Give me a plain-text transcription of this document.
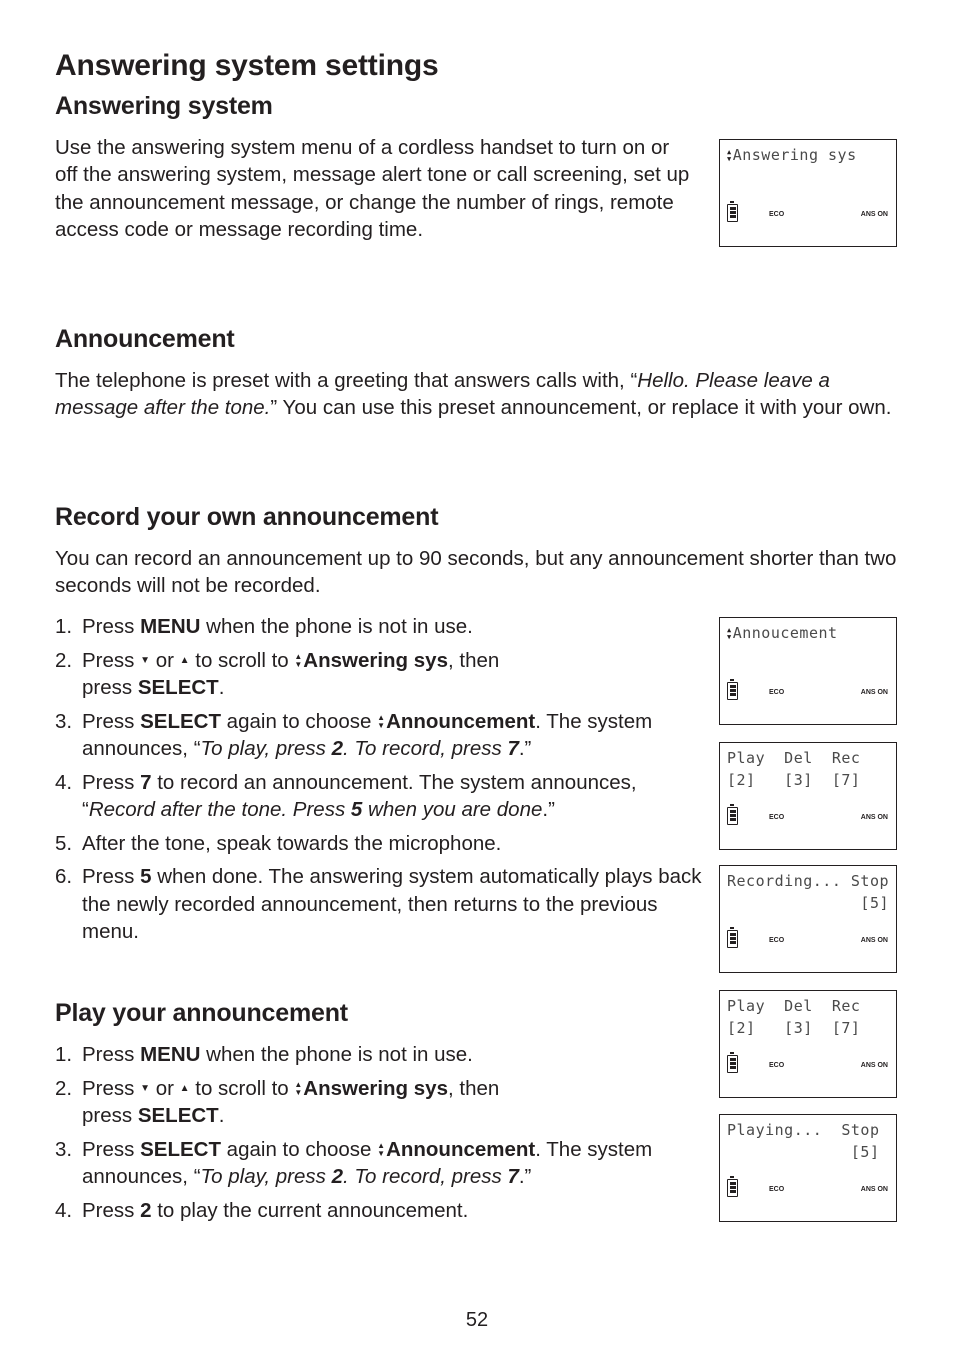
Answering system settings
Answering system

Use the answering system menu of a cordless handset to turn on or off the answering system, message alert tone or call screening, set up the announcement message, or change the number of rings, remote access code or message recording time.

Announcement

The telephone is preset with a greeting that answers calls with, “Hello. Please leave a message after the tone.” You can use this preset announcement, or replace it with your own.

Record your own announcement

You can record an announcement up to 90 seconds, but any announcement shorter than two seconds will not be recorded.

1. Press MENU when the phone is not in use.
2. Press ▼ or ▲ to scroll to ▲
▼ Answering sys, then press SELECT.
3. Press SELECT again to choose ▲
▼ Announcement. The system announces, “To play, press 2. To record, press 7.”
4. Press 7 to record an announcement. The system announces, “Record after the tone. Press 5 when you are done.”
5. After the tone, speak towards the microphone.
6. Press 5 when done. The answering system automatically plays back the newly recorded announcement, then returns to the previous menu.
Play your announcement
1. Press MENU when the phone is not in use.
2. Press ▼ or ▲ to scroll to ▲
▼ Answering sys, then press SELECT.
3. Press SELECT again to choose ▲
▼ Announcement. The system announces, “To play, press 2. To record, press 7.”
4. Press 2 to play the current announcement.
▲
▼ Answering sys
ECO	ANS ON
▲
▼ Annoucement
ECO	ANS ON
Play  Del  Rec
[2]   [3]  [7]
ECO	ANS ON
Recording... Stop
[5]
ECO	ANS ON
Play  Del  Rec
[2]   [3]  [7]
ECO	ANS ON
Playing...  Stop
[5]
ECO	ANS ON
52
